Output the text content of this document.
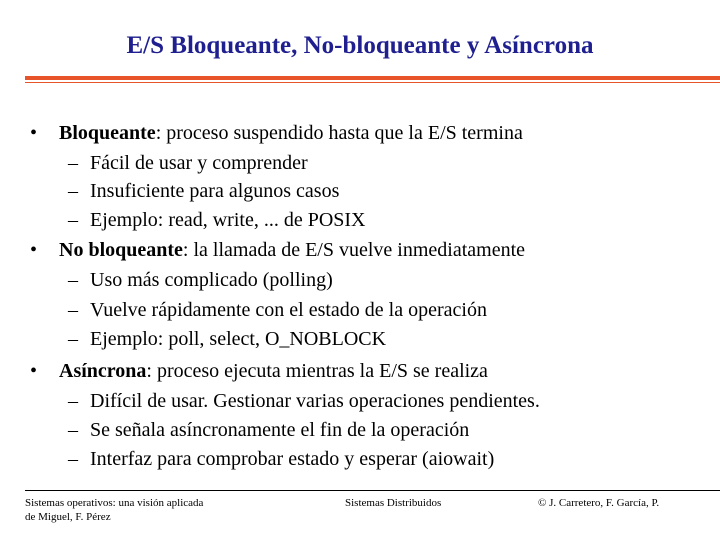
E/S Bloqueante, No-bloqueante y Asíncrona
• Bloqueante: proceso suspendido hasta que la E/S termina
– Fácil de usar y comprender
– Insuficiente para algunos casos
– Ejemplo: read, write, ... de POSIX
• No bloqueante: la llamada de E/S vuelve inmediatamente
– Uso más complicado (polling)
– Vuelve rápidamente con el estado de la operación
– Ejemplo: poll, select, O_NOBLOCK
• Asíncrona: proceso ejecuta mientras la E/S se realiza
– Difícil de usar. Gestionar varias operaciones pendientes.
– Se señala asíncronamente el fin de la operación
– Interfaz para comprobar estado y esperar (aiowait)
Sistemas operativos: una visión aplicada
de Miguel, F. Pérez
Sistemas Distribuidos	© J. Carretero, F. García, P.
